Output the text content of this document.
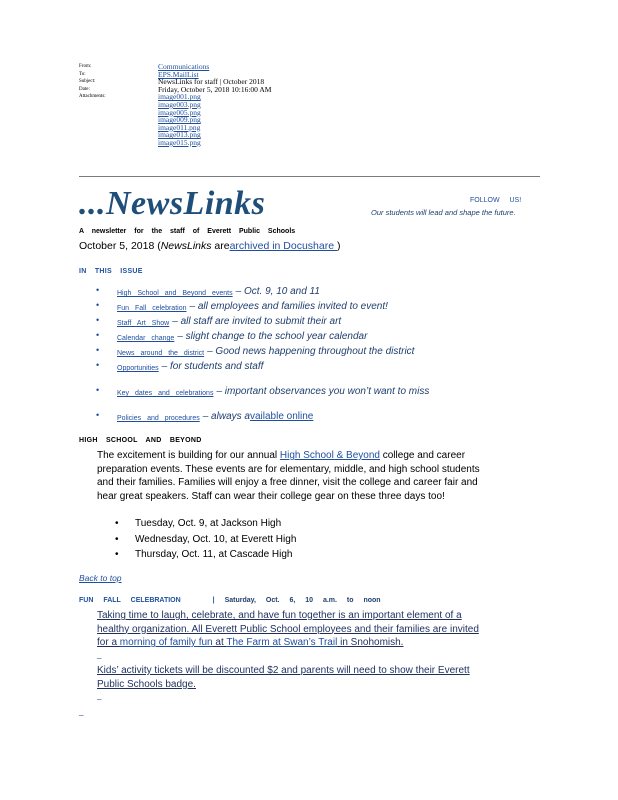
From:	Communications
To:	EPS.MailList
Subject:	NewsLinks for staff | October 2018
Date:	Friday, October 5, 2018 10:16:00 AM
Attachments:	image001.png
image003.png
image005.png
image009.png
image011.png
image013.png
image015.png
...NewsLinks	FOLLOW US!
Our students will lead and shape the future.
A newsletter for the staff of Everett Public Schools
October 5, 2018 (NewsLinks arearchived in Docushare )
IN THIS ISSUE
•	High School and Beyond events – Oct. 9, 10 and 11
•	Fun Fall celebration – all employees and families invited to event!
•	Staff Art Show – all staff are invited to submit their art
•	Calendar change – slight change to the school year calendar
•	News around the district – Good news happening throughout the district
•	Opportunities – for students and staff
•	Key dates and celebrations – important observances you won’t want to miss
•	Policies and procedures – always available online
HIGH SCHOOL AND BEYOND
The excitement is building for our annual High School & Beyond college and career
preparation events. These events are for elementary, middle, and high school students
and their families. Families will enjoy a free dinner, visit the college and career fair and
hear great speakers. Staff can wear their college gear on these three days too!
• Tuesday, Oct. 9, at Jackson High
• Wednesday, Oct. 10, at Everett High
• Thursday, Oct. 11, at Cascade High
Back to top
FUN FALL CELEBRATION	| Saturday, Oct. 6, 10 a.m. to noon
Taking time to laugh, celebrate, and have fun together is an important element of a
healthy organization. All Everett Public School employees and their families are invited
for a morning of family fun at The Farm at Swan’s Trail in Snohomish.
_
Kids’ activity tickets will be discounted $2 and parents will need to show their Everett
Public Schools badge.
_
_
